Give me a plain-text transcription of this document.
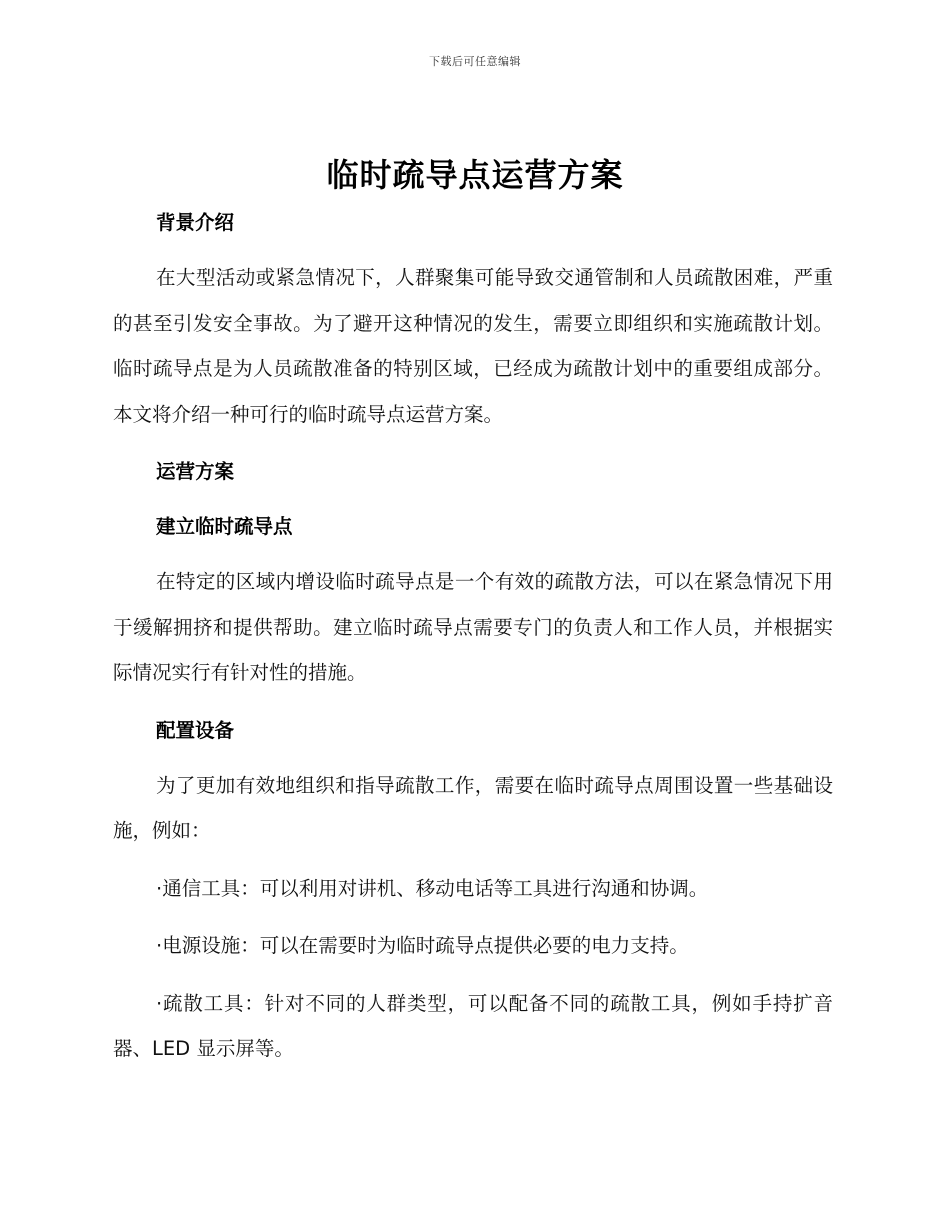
下载后可任意编辑
临时疏导点运营方案
背景介绍

在大型活动或紧急情况下，人群聚集可能导致交通管制和人员疏散困难，严重的甚至引发安全事故。为了避开这种情况的发生，需要立即组织和实施疏散计划。临时疏导点是为人员疏散准备的特别区域，已经成为疏散计划中的重要组成部分。本文将介绍一种可行的临时疏导点运营方案。

运营方案
建立临时疏导点

在特定的区域内增设临时疏导点是一个有效的疏散方法，可以在紧急情况下用于缓解拥挤和提供帮助。建立临时疏导点需要专门的负责人和工作人员，并根据实际情况实行有针对性的措施。

配置设备

为了更加有效地组织和指导疏散工作，需要在临时疏导点周围设置一些基础设施，例如：

·通信工具：可以利用对讲机、移动电话等工具进行沟通和协调。

·电源设施：可以在需要时为临时疏导点提供必要的电力支持。

·疏散工具：针对不同的人群类型，可以配备不同的疏散工具，例如手持扩音器、LED 显示屏等。
